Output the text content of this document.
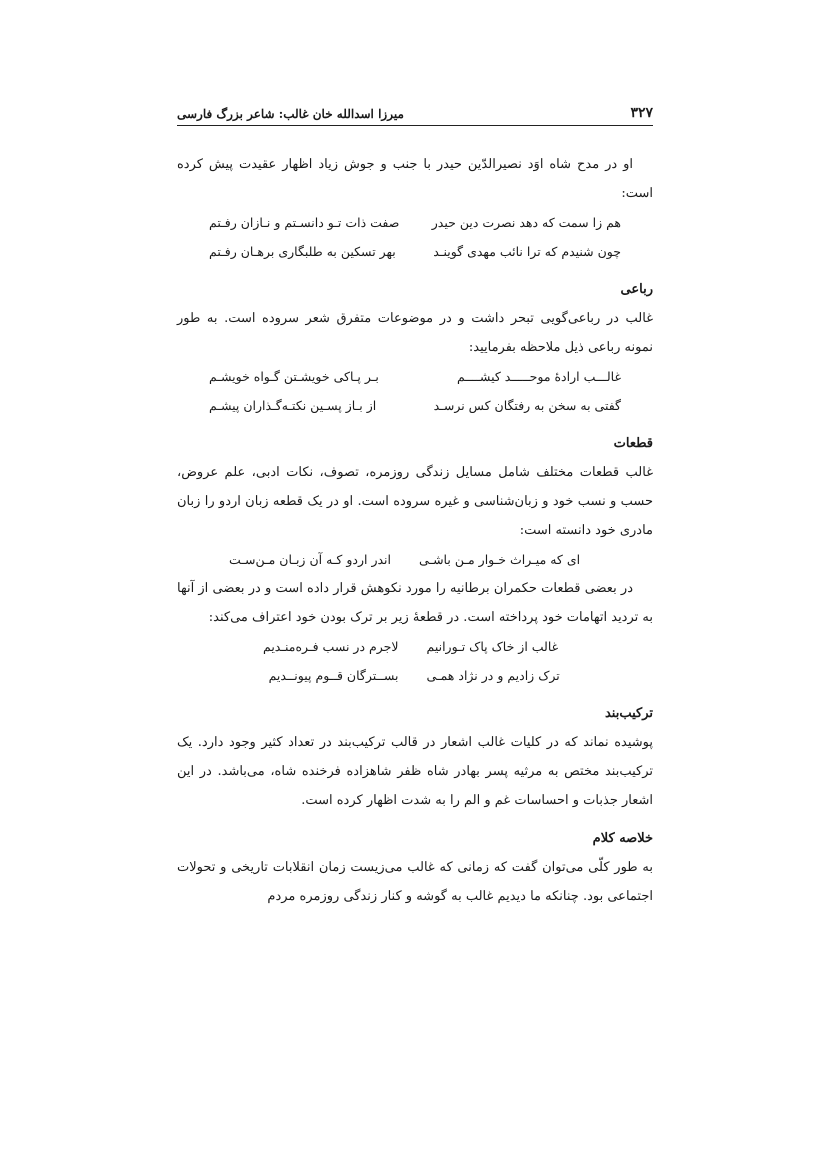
۳۲۷
میرزا اسدالله خان غالب: شاعر بزرگ فارسی

او در مدح شاه اوَد نصیرالدّین حیدر با جنب و جوش زیاد اظهار عقیدت پیش کرده است:

هم زا سمت که دهد نصرت دین حیدر
صفت ذات تـو دانسـتم و نـازان رفـتم
چون شنیدم که ترا نائب مهدی گوینـد
بهر تسکین به طلبگاری برهـان رفـتم
رباعی

غالب در رباعی‌گویی تبحر داشت و در موضوعات متفرق شعر سروده است. به طور نمونه رباعی ذیل ملاحظه بفرمایید:

غالـــب ارادهٔ موحـــــد کیشــــم
بـر پـاکی خویشـتن گـواه خویشـم
گفتی به سخن به رفتگان کس نرسـد
از بـاز پسـین نکتـه‌گـذاران پیشـم
قطعات

غالب قطعات مختلف شامل مسایل زندگی روزمره، تصوف، نکات ادبی، علم عروض، حسب و نسب خود و زبان‌شناسی و غیره سروده است. او در یک قطعه زبان اردو را زبان مادری خود دانسته است:

ای که میـراث خـوار مـن باشـی
اندر اردو کـه آن زبـان مـن‌سـت

در بعضی قطعات حکمران برطانیه را مورد نکوهش قرار داده است و در بعضی از آنها به تردید اتهامات خود پرداخته است. در قطعهٔ زیر بر ترک بودن خود اعتراف می‌کند:

غالب از خاک پاک تـورانیم
لاجرم در نسب فـره‌منـدیم
ترک زادیم و در نژاد همـی
بســترگان قــوم پیونــدیم
ترکیب‌بند

پوشیده نماند که در کلیات غالب اشعار در قالب ترکیب‌بند در تعداد کثیر وجود دارد. یک ترکیب‌بند مختص به مرثیه پسر بهادر شاه ظفر شاهزاده فرخنده شاه، می‌باشد. در این اشعار جذبات و احساسات غم و الم را به شدت اظهار کرده است.

خلاصه کلام

به طور کلّی می‌توان گفت که زمانی که غالب می‌زیست زمان انقلابات تاریخی و تحولات اجتماعی بود. چنانکه ما دیدیم غالب به گوشه و کنار زندگی روزمره مردم
